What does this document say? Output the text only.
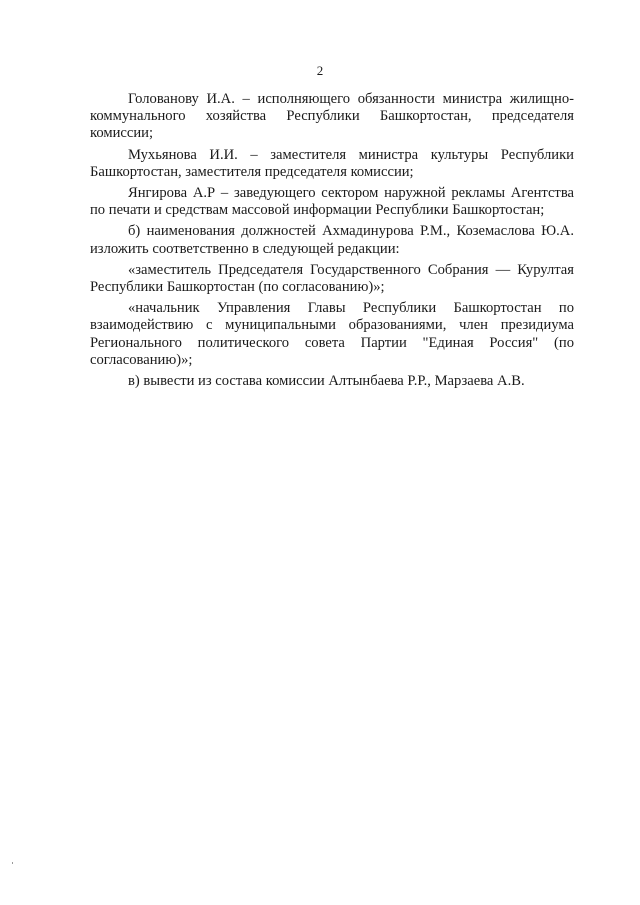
2

Голованову И.А. – исполняющего обязанности министра жилищно-коммунального хозяйства Республики Башкортостан, председателя комиссии;

Мухьянова И.И. – заместителя министра культуры Республики Башкортостан, заместителя председателя комиссии;

Янгирова А.Р – заведующего сектором наружной рекламы Агентства по печати и средствам массовой информации Республики Башкортостан;

б) наименования должностей Ахмадинурова Р.М., Коземаслова Ю.А. изложить соответственно в следующей редакции:

«заместитель Председателя Государственного Собрания — Курултая Республики Башкортостан (по согласованию)»;

«начальник Управления Главы Республики Башкортостан по взаимодействию с муниципальными образованиями, член президиума Регионального политического совета Партии "Единая Россия" (по согласованию)»;

в) вывести из состава комиссии Алтынбаева Р.Р., Марзаева А.В.
